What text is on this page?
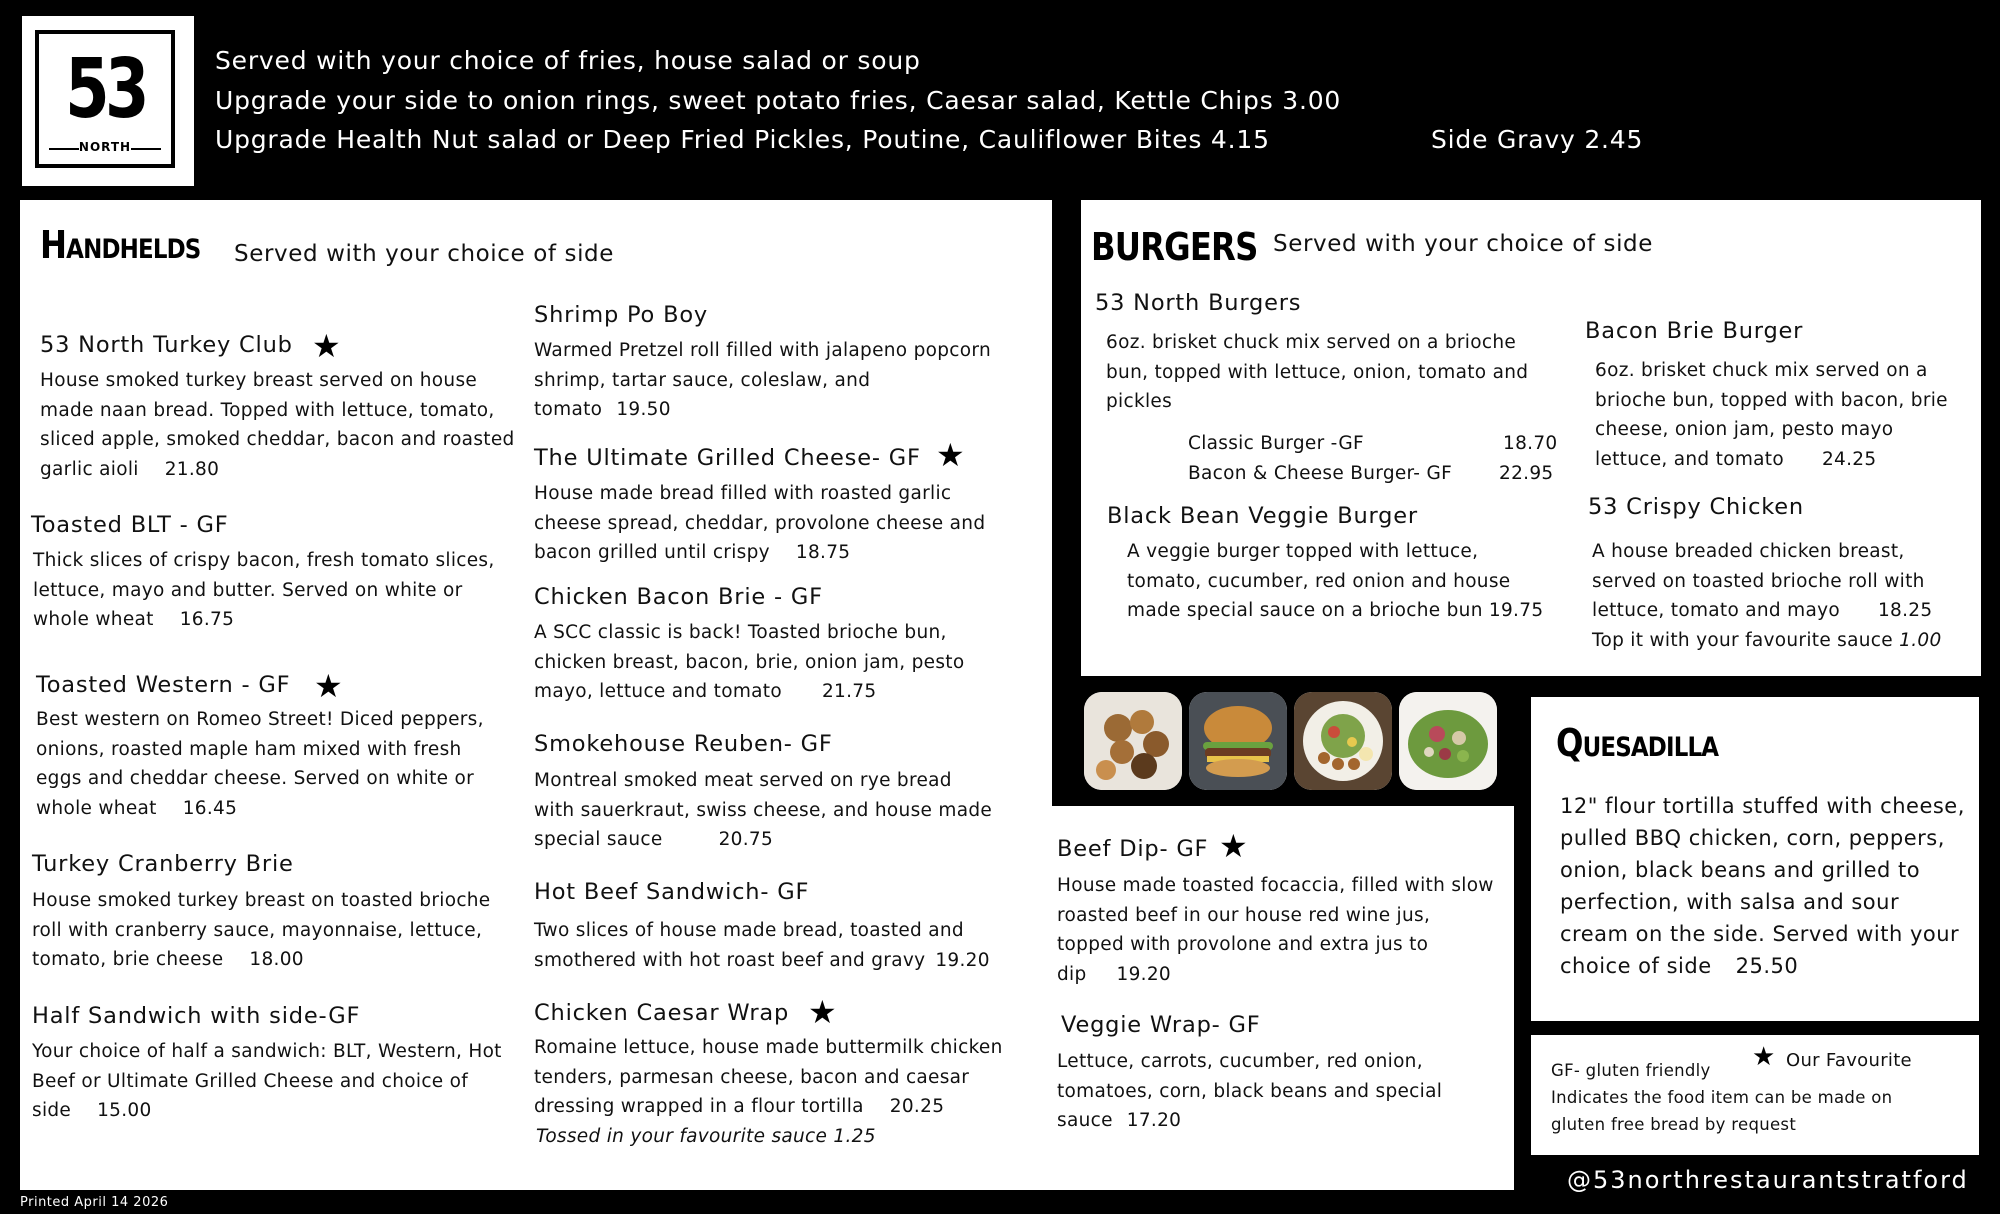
53
NORTH
Served with your choice of fries, house salad or soup
Upgrade your side to onion rings, sweet potato fries, Caesar salad, Kettle Chips 3.00
Upgrade Health Nut salad or Deep Fried Pickles, Poutine, Cauliflower Bites 4.15	Side Gravy 2.45
Handhelds Served with your choice of side
53 North Turkey Club ★
House smoked turkey breast served on house made naan bread. Topped with lettuce, tomato, sliced apple, smoked cheddar, bacon and roasted garlic aioli 21.80
Toasted BLT - GF
Thick slices of crispy bacon, fresh tomato slices, lettuce, mayo and butter. Served on white or whole wheat 16.75
Toasted Western - GF ★
Best western on Romeo Street! Diced peppers, onions, roasted maple ham mixed with fresh eggs and cheddar cheese. Served on white or whole wheat 16.45
Turkey Cranberry Brie
House smoked turkey breast on toasted brioche roll with cranberry sauce, mayonnaise, lettuce, tomato, brie cheese 18.00
Half Sandwich with side-GF
Your choice of half a sandwich: BLT, Western, Hot Beef or Ultimate Grilled Cheese and choice of side 15.00
Shrimp Po Boy
Warmed Pretzel roll filled with jalapeno popcorn shrimp, tartar sauce, coleslaw, and tomato 19.50
The Ultimate Grilled Cheese- GF ★
House made bread filled with roasted garlic cheese spread, cheddar, provolone cheese and bacon grilled until crispy 18.75
Chicken Bacon Brie - GF
A SCC classic is back! Toasted brioche bun, chicken breast, bacon, brie, onion jam, pesto mayo, lettuce and tomato 21.75
Smokehouse Reuben- GF
Montreal smoked meat served on rye bread with sauerkraut, swiss cheese, and house made special sauce	20.75
Hot Beef Sandwich- GF
Two slices of house made bread, toasted and smothered with hot roast beef and gravy 19.20
Chicken Caesar Wrap ★
Romaine lettuce, house made buttermilk chicken tenders, parmesan cheese, bacon and caesar dressing wrapped in a flour tortilla 20.25
Tossed in your favourite sauce 1.25
BURGERS Served with your choice of side
53 North Burgers
6oz. brisket chuck mix served on a brioche bun, topped with lettuce, onion, tomato and pickles
Classic Burger -GF	18.70
Bacon & Cheese Burger- GF	22.95
Black Bean Veggie Burger
A veggie burger topped with lettuce, tomato, cucumber, red onion and house made special sauce on a brioche bun 19.75
Bacon Brie Burger
6oz. brisket chuck mix served on a brioche bun, topped with bacon, brie cheese, onion jam, pesto mayo lettuce, and tomato 24.25
53 Crispy Chicken
A house breaded chicken breast, served on toasted brioche roll with lettuce, tomato and mayo 18.25
Top it with your favourite sauce 1.00
Beef Dip- GF ★
House made toasted focaccia, filled with slow roasted beef in our house red wine jus, topped with provolone and extra jus to dip 19.20
Veggie Wrap- GF
Lettuce, carrots, cucumber, red onion, tomatoes, corn, black beans and special sauce 17.20
Quesadilla
12" flour tortilla stuffed with cheese, pulled BBQ chicken, corn, peppers, onion, black beans and grilled to perfection, with salsa and sour cream on the side. Served with your choice of side 25.50
GF- gluten friendly ★ Our Favourite
Indicates the food item can be made on
gluten free bread by request
@53northrestaurantstratford
Printed April 14 2026
